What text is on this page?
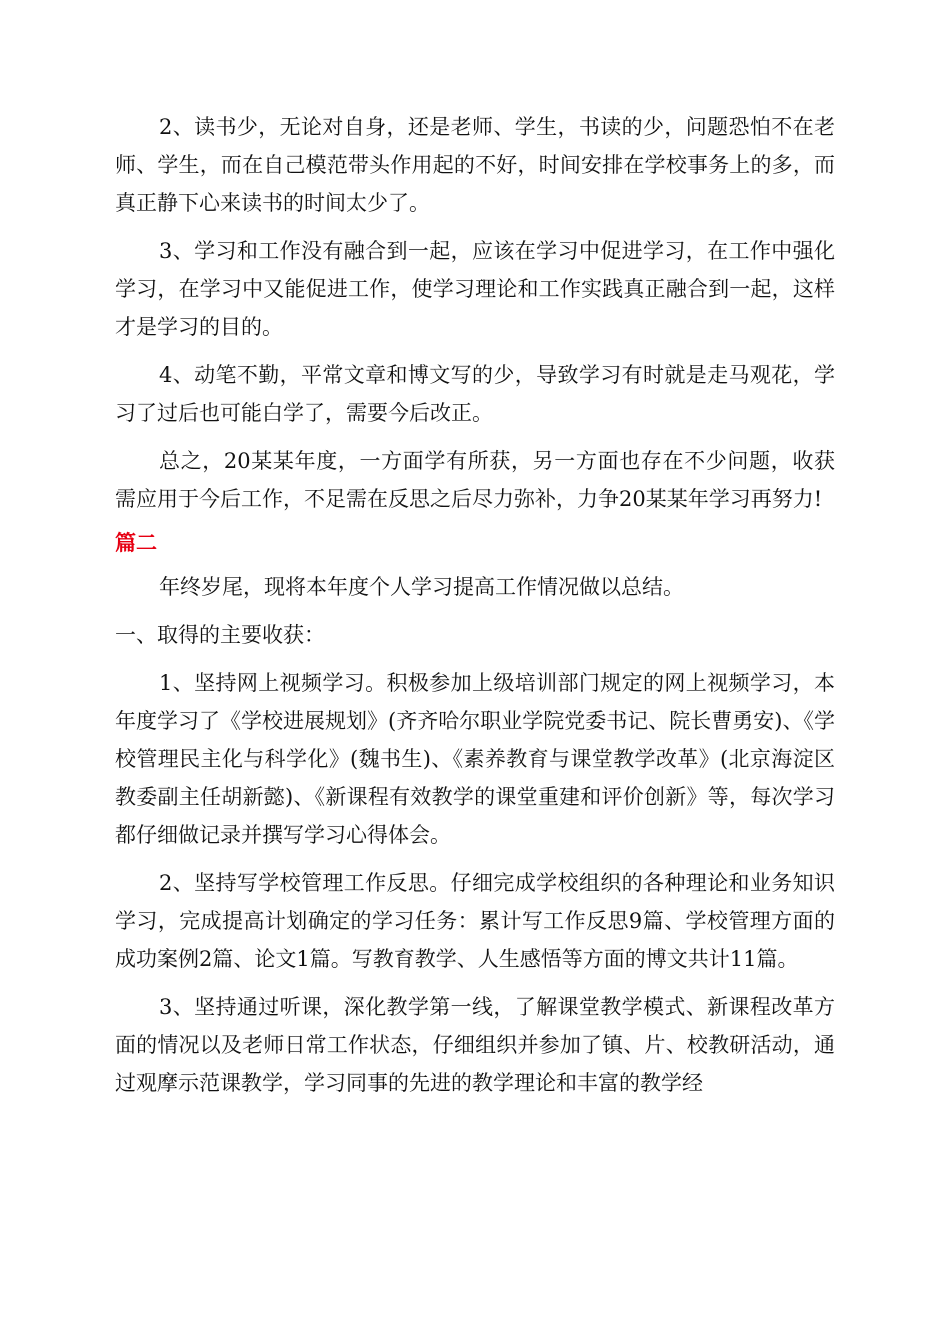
2、读书少，无论对自身，还是老师、学生，书读的少，问题恐怕不在老师、学生，而在自己模范带头作用起的不好，时间安排在学校事务上的多，而真正静下心来读书的时间太少了。

3、学习和工作没有融合到一起，应该在学习中促进学习，在工作中强化学习，在学习中又能促进工作，使学习理论和工作实践真正融合到一起，这样才是学习的目的。

4、动笔不勤，平常文章和博文写的少，导致学习有时就是走马观花，学习了过后也可能白学了，需要今后改正。

总之，20某某年度，一方面学有所获，另一方面也存在不少问题，收获需应用于今后工作，不足需在反思之后尽力弥补，力争20某某年学习再努力!

篇二

年终岁尾，现将本年度个人学习提高工作情况做以总结。

一、取得的主要收获：

1、坚持网上视频学习。积极参加上级培训部门规定的网上视频学习，本年度学习了《学校进展规划》(齐齐哈尔职业学院党委书记、院长曹勇安)、《学校管理民主化与科学化》(魏书生)、《素养教育与课堂教学改革》(北京海淀区教委副主任胡新懿)、《新课程有效教学的课堂重建和评价创新》等，每次学习都仔细做记录并撰写学习心得体会。

2、坚持写学校管理工作反思。仔细完成学校组织的各种理论和业务知识学习，完成提高计划确定的学习任务：累计写工作反思9篇、学校管理方面的成功案例2篇、论文1篇。写教育教学、人生感悟等方面的博文共计11篇。

3、坚持通过听课，深化教学第一线，了解课堂教学模式、新课程改革方面的情况以及老师日常工作状态，仔细组织并参加了镇、片、校教研活动，通过观摩示范课教学，学习同事的先进的教学理论和丰富的教学经
